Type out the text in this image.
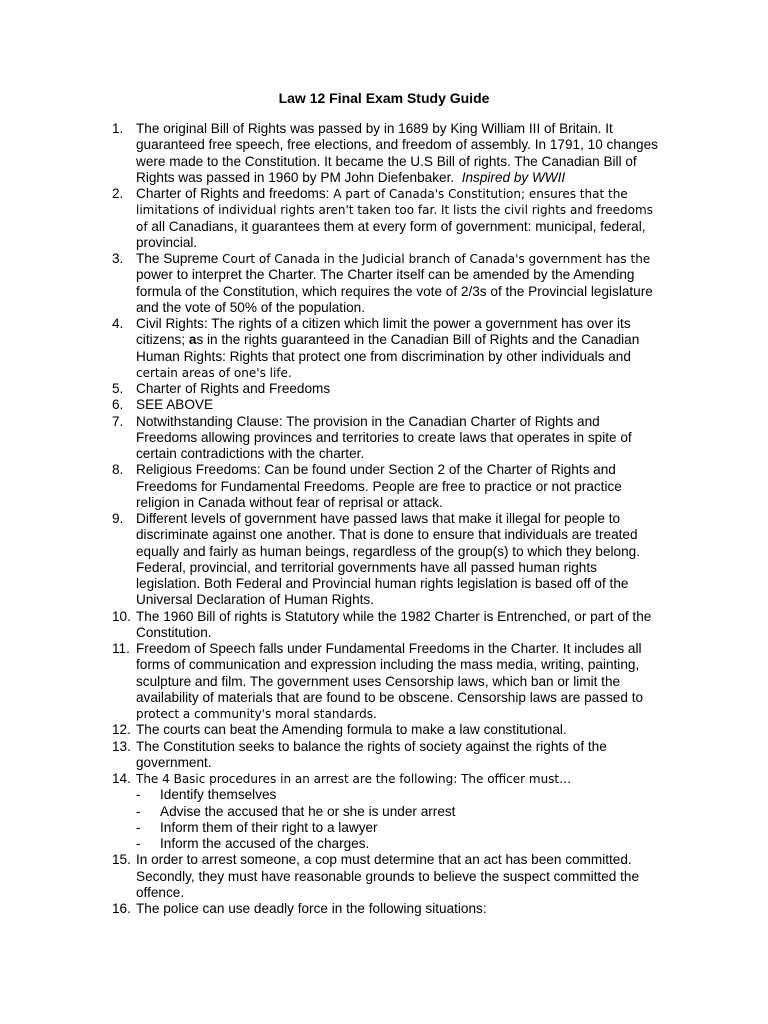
Law 12 Final Exam Study Guide
1. The original Bill of Rights was passed by in 1689 by King William III of Britain. It guaranteed free speech, free elections, and freedom of assembly. In 1791, 10 changes were made to the Constitution. It became the U.S Bill of rights. The Canadian Bill of Rights was passed in 1960 by PM John Diefenbaker. Inspired by WWII
2. Charter of Rights and freedoms: A part of Canada's Constitution; ensures that the limitations of individual rights aren't taken too far. It lists the civil rights and freedoms of all Canadians, it guarantees them at every form of government: municipal, federal, provincial.
3. The Supreme Court of Canada in the Judicial branch of Canada's government has the power to interpret the Charter. The Charter itself can be amended by the Amending formula of the Constitution, which requires the vote of 2/3s of the Provincial legislature and the vote of 50% of the population.
4. Civil Rights: The rights of a citizen which limit the power a government has over its citizens; as in the rights guaranteed in the Canadian Bill of Rights and the Canadian Human Rights: Rights that protect one from discrimination by other individuals and certain areas of one's life.
5. Charter of Rights and Freedoms
6. SEE ABOVE
7. Notwithstanding Clause: The provision in the Canadian Charter of Rights and Freedoms allowing provinces and territories to create laws that operates in spite of certain contradictions with the charter.
8. Religious Freedoms: Can be found under Section 2 of the Charter of Rights and Freedoms for Fundamental Freedoms. People are free to practice or not practice religion in Canada without fear of reprisal or attack.
9. Different levels of government have passed laws that make it illegal for people to discriminate against one another. That is done to ensure that individuals are treated equally and fairly as human beings, regardless of the group(s) to which they belong. Federal, provincial, and territorial governments have all passed human rights legislation. Both Federal and Provincial human rights legislation is based off of the Universal Declaration of Human Rights.
10. The 1960 Bill of rights is Statutory while the 1982 Charter is Entrenched, or part of the Constitution.
11. Freedom of Speech falls under Fundamental Freedoms in the Charter. It includes all forms of communication and expression including the mass media, writing, painting, sculpture and film. The government uses Censorship laws, which ban or limit the availability of materials that are found to be obscene. Censorship laws are passed to protect a community's moral standards.
12. The courts can beat the Amending formula to make a law constitutional.
13. The Constitution seeks to balance the rights of society against the rights of the government.
14. The 4 Basic procedures in an arrest are the following: The officer must…
-	Identify themselves
-	Advise the accused that he or she is under arrest
-	Inform them of their right to a lawyer
-	Inform the accused of the charges.
15. In order to arrest someone, a cop must determine that an act has been committed. Secondly, they must have reasonable grounds to believe the suspect committed the offence.
16. The police can use deadly force in the following situations:
